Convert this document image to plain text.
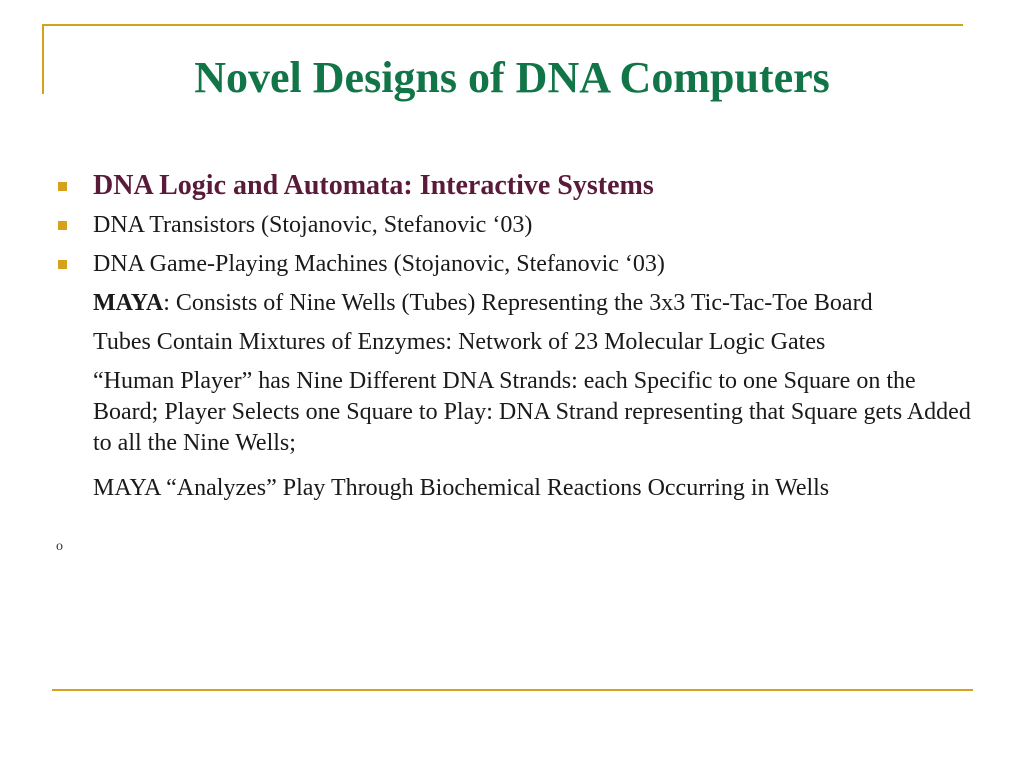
Novel Designs of DNA Computers
DNA Logic and Automata: Interactive Systems
DNA Transistors (Stojanovic, Stefanovic ‘03)
DNA Game-Playing Machines (Stojanovic, Stefanovic ‘03)
MAYA: Consists of Nine Wells (Tubes) Representing the 3x3 Tic-Tac-Toe Board
Tubes Contain Mixtures of Enzymes: Network of 23 Molecular Logic Gates
“Human Player” has Nine Different DNA Strands: each Specific to one Square on the Board; Player Selects one Square to Play: DNA Strand representing that Square gets Added to all the Nine Wells;
MAYA “Analyzes” Play Through Biochemical Reactions Occurring in Wells
o
